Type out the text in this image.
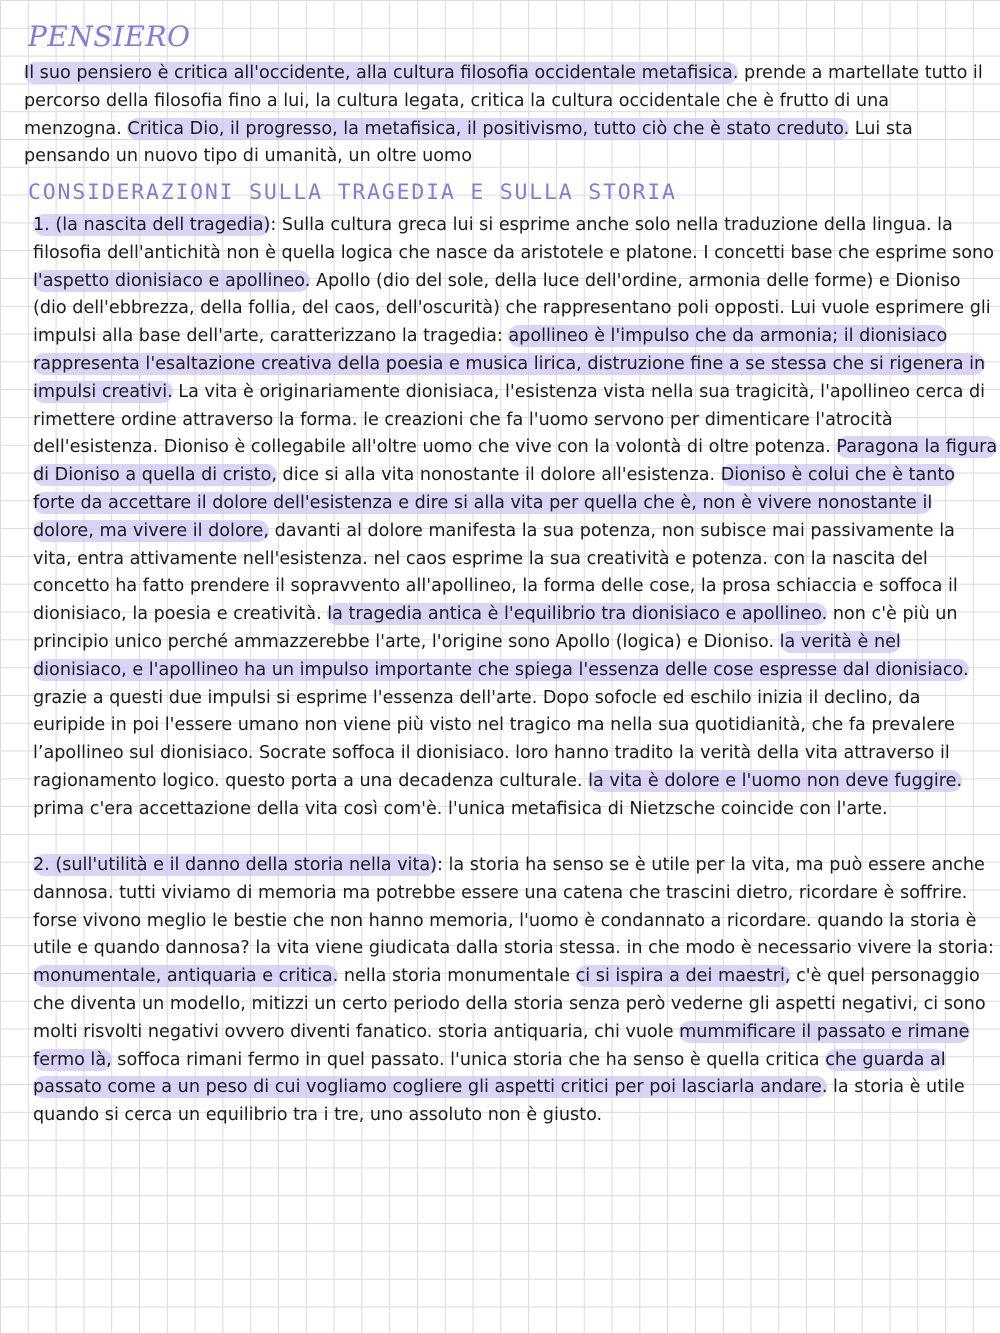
PENSIERO

Il suo pensiero è critica all'occidente, alla cultura filosofia occidentale metafisica. prende a martellate tutto il percorso della filosofia fino a lui, la cultura legata, critica la cultura occidentale che è frutto di una menzogna. Critica Dio, il progresso, la metafisica, il positivismo, tutto ciò che è stato creduto. Lui sta pensando un nuovo tipo di umanità, un oltre uomo

CONSIDERAZIONI SULLA TRAGEDIA E SULLA STORIA

1. (la nascita dell tragedia): Sulla cultura greca lui si esprime anche solo nella traduzione della lingua. la filosofia dell'antichità non è quella logica che nasce da aristotele e platone. I concetti base che esprime sono l'aspetto dionisiaco e apollineo. Apollo (dio del sole, della luce dell'ordine, armonia delle forme) e Dioniso (dio dell'ebbrezza, della follia, del caos, dell'oscurità) che rappresentano poli opposti. Lui vuole esprimere gli impulsi alla base dell'arte, caratterizzano la tragedia: apollineo è l'impulso che da armonia; il dionisiaco rappresenta l'esaltazione creativa della poesia e musica lirica, distruzione fine a se stessa che si rigenera in impulsi creativi. La vita è originariamente dionisiaca, l'esistenza vista nella sua tragicità, l'apollineo cerca di rimettere ordine attraverso la forma. le creazioni che fa l'uomo servono per dimenticare l'atrocità dell'esistenza. Dioniso è collegabile all'oltre uomo che vive con la volontà di oltre potenza. Paragona la figura di Dioniso a quella di cristo, dice si alla vita nonostante il dolore all'esistenza. Dioniso è colui che è tanto forte da accettare il dolore dell'esistenza e dire si alla vita per quella che è, non è vivere nonostante il dolore, ma vivere il dolore, davanti al dolore manifesta la sua potenza, non subisce mai passivamente la vita, entra attivamente nell'esistenza. nel caos esprime la sua creatività e potenza. con la nascita del concetto ha fatto prendere il sopravvento all'apollineo, la forma delle cose, la prosa schiaccia e soffoca il dionisiaco, la poesia e creatività. la tragedia antica è l'equilibrio tra dionisiaco e apollineo. non c'è più un principio unico perché ammazzerebbe l'arte, l'origine sono Apollo (logica) e Dioniso. la verità è nel dionisiaco, e l'apollineo ha un impulso importante che spiega l'essenza delle cose espresse dal dionisiaco. grazie a questi due impulsi si esprime l'essenza dell'arte. Dopo sofocle ed eschilo inizia il declino, da euripide in poi l'essere umano non viene più visto nel tragico ma nella sua quotidianità, che fa prevalere l’apollineo sul dionisiaco. Socrate soffoca il dionisiaco. loro hanno tradito la verità della vita attraverso il ragionamento logico. questo porta a una decadenza culturale. la vita è dolore e l'uomo non deve fuggire. prima c'era accettazione della vita così com'è. l'unica metafisica di Nietzsche coincide con l'arte.

2. (sull'utilità e il danno della storia nella vita): la storia ha senso se è utile per la vita, ma può essere anche dannosa. tutti viviamo di memoria ma potrebbe essere una catena che trascini dietro, ricordare è soffrire. forse vivono meglio le bestie che non hanno memoria, l'uomo è condannato a ricordare. quando la storia è utile e quando dannosa? la vita viene giudicata dalla storia stessa. in che modo è necessario vivere la storia: monumentale, antiquaria e critica. nella storia monumentale ci si ispira a dei maestri, c'è quel personaggio che diventa un modello, mitizzi un certo periodo della storia senza però vederne gli aspetti negativi, ci sono molti risvolti negativi ovvero diventi fanatico. storia antiquaria, chi vuole mummificare il passato e rimane fermo là, soffoca rimani fermo in quel passato. l'unica storia che ha senso è quella critica che guarda al passato come a un peso di cui vogliamo cogliere gli aspetti critici per poi lasciarla andare. la storia è utile quando si cerca un equilibrio tra i tre, uno assoluto non è giusto.
